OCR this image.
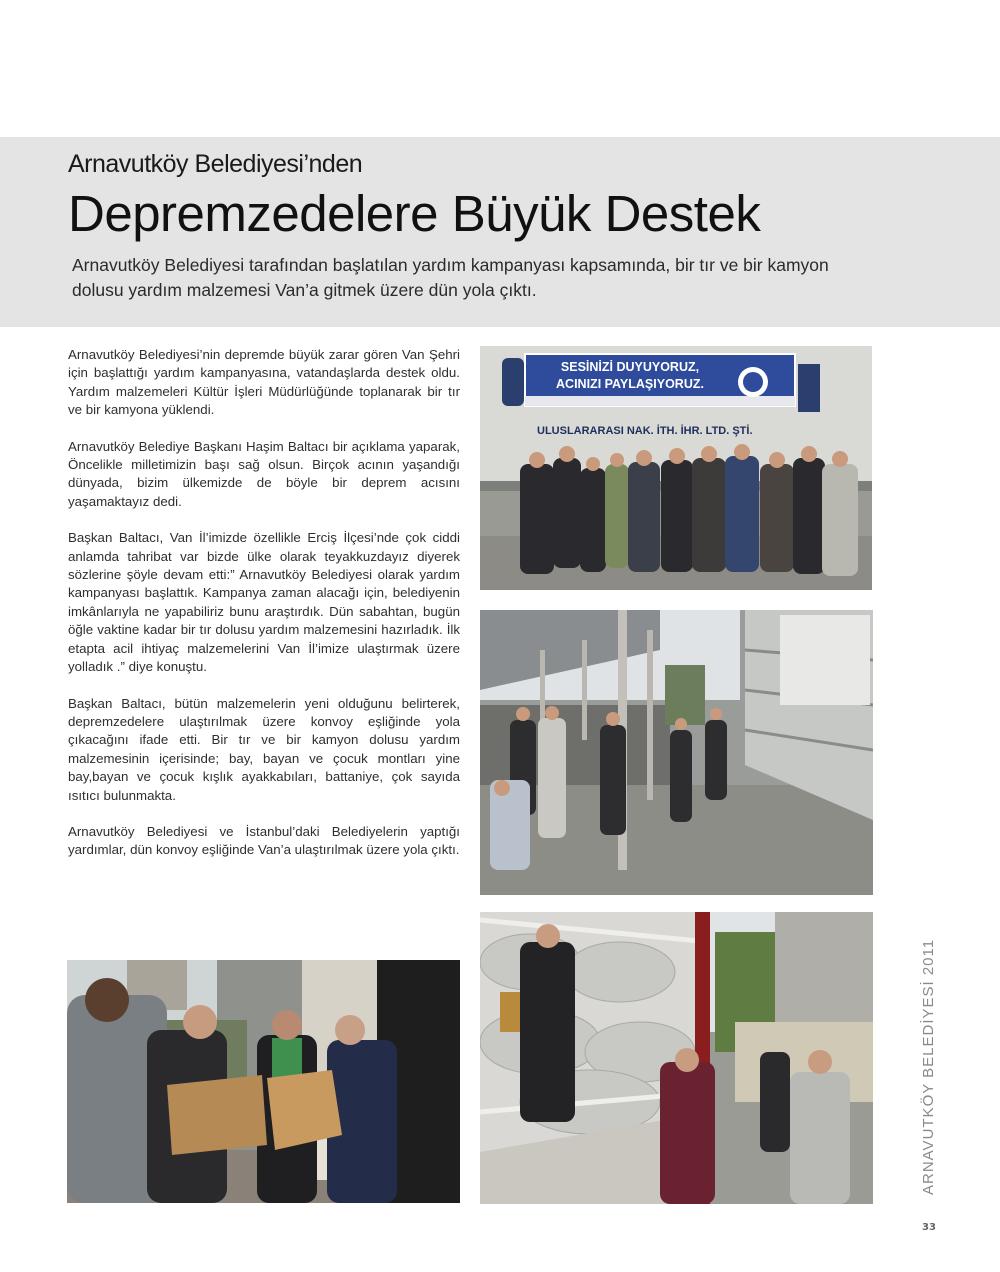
Arnavutköy Belediyesi’nden
Depremzedelere Büyük Destek

Arnavutköy Belediyesi tarafından başlatılan yardım kampanyası kapsamında, bir tır ve bir kamyon dolusu yardım malzemesi Van’a gitmek üzere dün yola çıktı.

Arnavutköy Belediyesi’nin depremde büyük zarar gören Van Şehri için başlattığı yardım kampanyasına, vatandaşlarda destek oldu. Yardım malzemeleri Kültür İşleri Müdürlüğünde toplanarak bir tır ve bir kamyona yüklendi.

Arnavutköy Belediye Başkanı Haşim Baltacı bir açıklama yaparak, Öncelikle milletimizin başı sağ olsun. Birçok acının yaşandığı dünyada, bizim ülkemizde de böyle bir deprem acısını yaşamaktayız dedi.

Başkan Baltacı, Van İl’imizde özellikle Erciş İlçesi’nde çok ciddi anlamda tahribat var bizde ülke olarak teyakkuzdayız diyerek sözlerine şöyle devam etti:” Arnavutköy Belediyesi olarak yardım kampanyası başlattık. Kampanya zaman alacağı için, belediyenin imkânlarıyla ne yapabiliriz bunu araştırdık. Dün sabahtan, bugün öğle vaktine kadar bir tır dolusu yardım malzemesini hazırladık. İlk etapta acil ihtiyaç malzemelerini Van İl’imize ulaştırmak üzere yolladık .” diye konuştu.

Başkan Baltacı, bütün malzemelerin yeni olduğunu belirterek, depremzedelere ulaştırılmak üzere konvoy eşliğinde yola çıkacağını ifade etti. Bir tır ve bir kamyon dolusu yardım malzemesinin içerisinde; bay, bayan ve çocuk montları yine bay,bayan ve çocuk kışlık ayakkabıları, battaniye, çok sayıda ısıtıcı bulunmakta.

Arnavutköy Belediyesi ve İstanbul’daki Belediyelerin yaptığı yardımlar, dün konvoy eşliğinde Van’a ulaştırılmak üzere yola çıktı.

SESİNİZİ DUYUYORUZ,
ACINIZI PAYLAŞIYORUZ.
ULUSLARARASI NAK. İTH. İHR. LTD. ŞTİ.
ARNAVUTKÖY BELEDİYESİ 2011
33
